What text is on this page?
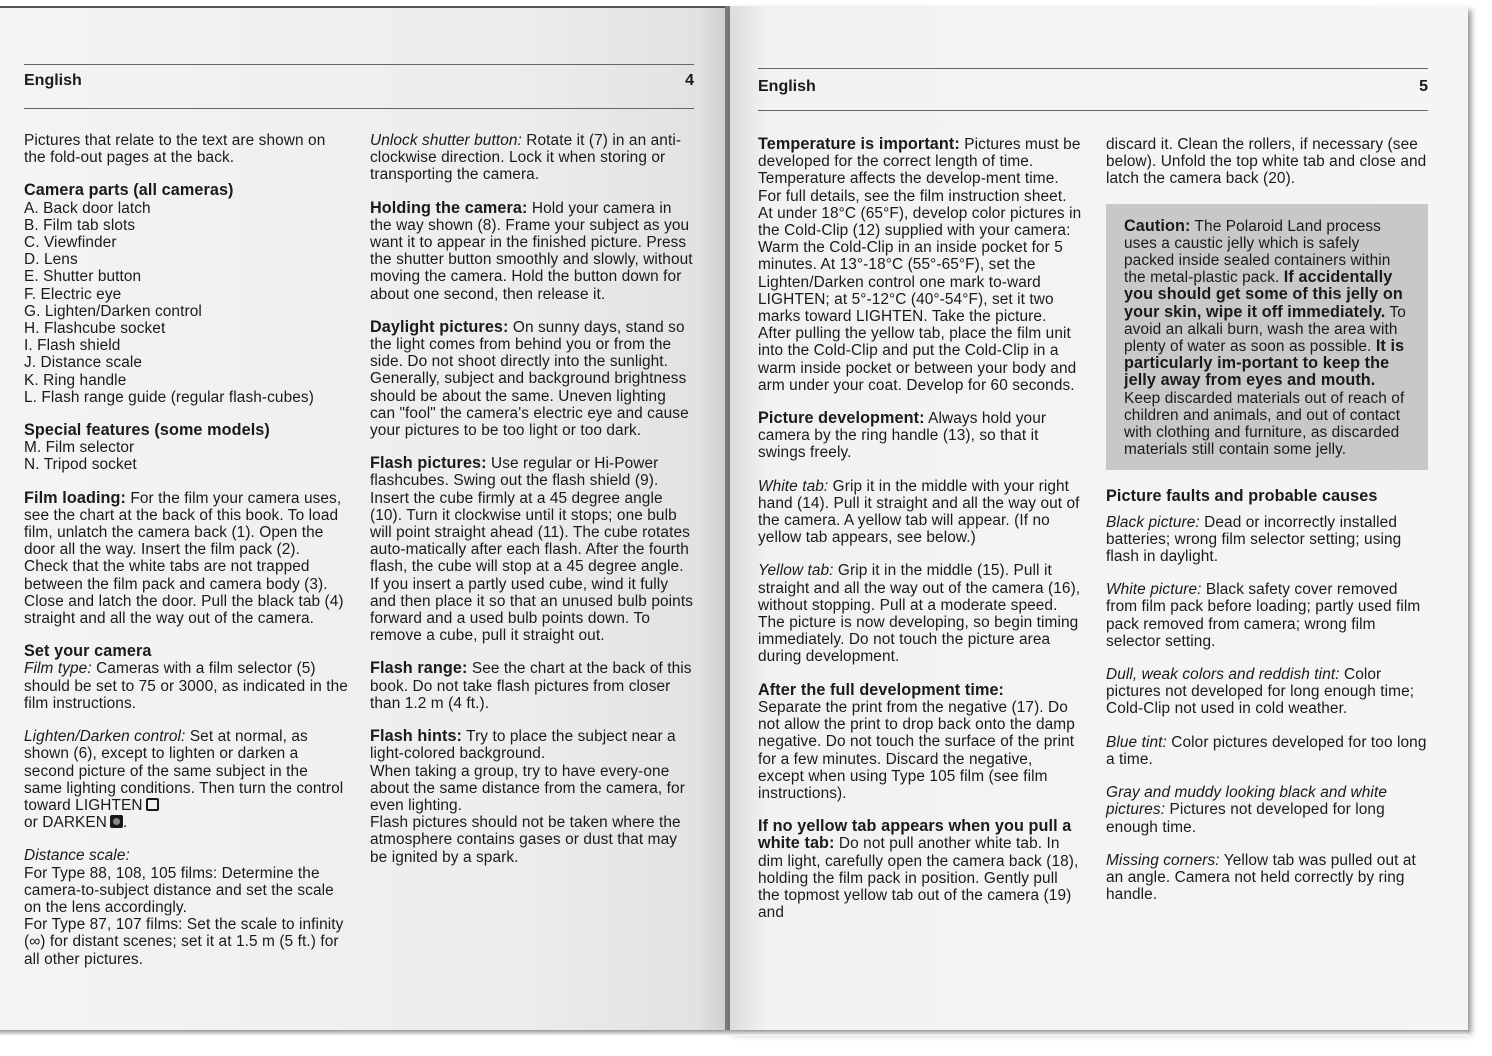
English	4

Pictures that relate to the text are shown on the fold-out pages at the back.

Camera parts (all cameras)
A. Back door latch
B. Film tab slots
C. Viewfinder
D. Lens
E. Shutter button
F. Electric eye
G. Lighten/Darken control
H. Flashcube socket
I. Flash shield
J. Distance scale
K. Ring handle
L. Flash range guide (regular flash-cubes)
Special features (some models)
M. Film selector
N. Tripod socket

Film loading: For the film your camera uses, see the chart at the back of this book. To load film, unlatch the camera back (1). Open the door all the way. Insert the film pack (2). Check that the white tabs are not trapped between the film pack and camera body (3). Close and latch the door. Pull the black tab (4) straight and all the way out of the camera.

Set your camera

Film type: Cameras with a film selector (5) should be set to 75 or 3000, as indicated in the film instructions.

Lighten/Darken control: Set at normal, as shown (6), except to lighten or darken a second picture of the same subject in the same lighting conditions. Then turn the control toward LIGHTEN
or DARKEN .

Distance scale:
For Type 88, 108, 105 films: Determine the camera-to-subject distance and set the scale on the lens accordingly.
For Type 87, 107 films: Set the scale to infinity (∞) for distant scenes; set it at 1.5 m (5 ft.) for all other pictures.

Unlock shutter button: Rotate it (7) in an anti-clockwise direction. Lock it when storing or transporting the camera.

Holding the camera: Hold your camera in the way shown (8). Frame your subject as you want it to appear in the finished picture. Press the shutter button smoothly and slowly, without moving the camera. Hold the button down for about one second, then release it.

Daylight pictures: On sunny days, stand so the light comes from behind you or from the side. Do not shoot directly into the sunlight. Generally, subject and background brightness should be about the same. Uneven lighting can "fool" the camera's electric eye and cause your pictures to be too light or too dark.

Flash pictures: Use regular or Hi-Power flashcubes. Swing out the flash shield (9). Insert the cube firmly at a 45 degree angle (10). Turn it clockwise until it stops; one bulb will point straight ahead (11). The cube rotates auto-matically after each flash. After the fourth flash, the cube will stop at a 45 degree angle. If you insert a partly used cube, wind it fully and then place it so that an unused bulb points forward and a used bulb points down. To remove a cube, pull it straight out.

Flash range: See the chart at the back of this book. Do not take flash pictures from closer than 1.2 m (4 ft.).

Flash hints: Try to place the subject near a light-colored background.
When taking a group, try to have every-one about the same distance from the camera, for even lighting.
Flash pictures should not be taken where the atmosphere contains gases or dust that may be ignited by a spark.
English	5

Temperature is important: Pictures must be developed for the correct length of time. Temperature affects the develop-ment time. For full details, see the film instruction sheet. At under 18°C (65°F), develop color pictures in the Cold-Clip (12) supplied with your camera: Warm the Cold-Clip in an inside pocket for 5 minutes. At 13°-18°C (55°-65°F), set the Lighten/Darken control one mark to-ward LIGHTEN; at 5°-12°C (40°-54°F), set it two marks toward LIGHTEN. Take the picture. After pulling the yellow tab, place the film unit into the Cold-Clip and put the Cold-Clip in a warm inside pocket or between your body and arm under your coat. Develop for 60 seconds.

Picture development: Always hold your camera by the ring handle (13), so that it swings freely.

White tab: Grip it in the middle with your right hand (14). Pull it straight and all the way out of the camera. A yellow tab will appear. (If no yellow tab appears, see below.)

Yellow tab: Grip it in the middle (15). Pull it straight and all the way out of the camera (16), without stopping. Pull at a moderate speed. The picture is now developing, so begin timing immediately. Do not touch the picture area during development.

After the full development time:
Separate the print from the negative (17). Do not allow the print to drop back onto the damp negative. Do not touch the surface of the print for a few minutes. Discard the negative, except when using Type 105 film (see film instructions).

If no yellow tab appears when you pull a white tab: Do not pull another white tab. In dim light, carefully open the camera back (18), holding the film pack in position. Gently pull the topmost yellow tab out of the camera (19) and

discard it. Clean the rollers, if necessary (see below). Unfold the top white tab and close and latch the camera back (20).

Caution: The Polaroid Land process uses a caustic jelly which is safely packed inside sealed containers within the metal-plastic pack. If accidentally you should get some of this jelly on your skin, wipe it off immediately. To avoid an alkali burn, wash the area with plenty of water as soon as possible. It is particularly im-portant to keep the jelly away from eyes and mouth. Keep discarded materials out of reach of children and animals, and out of contact with clothing and furniture, as discarded materials still contain some jelly.

Picture faults and probable causes

Black picture: Dead or incorrectly installed batteries; wrong film selector setting; using flash in daylight.

White picture: Black safety cover removed from film pack before loading; partly used film pack removed from camera; wrong film selector setting.

Dull, weak colors and reddish tint: Color pictures not developed for long enough time; Cold-Clip not used in cold weather.

Blue tint: Color pictures developed for too long a time.

Gray and muddy looking black and white pictures: Pictures not developed for long enough time.

Missing corners: Yellow tab was pulled out at an angle. Camera not held correctly by ring handle.
